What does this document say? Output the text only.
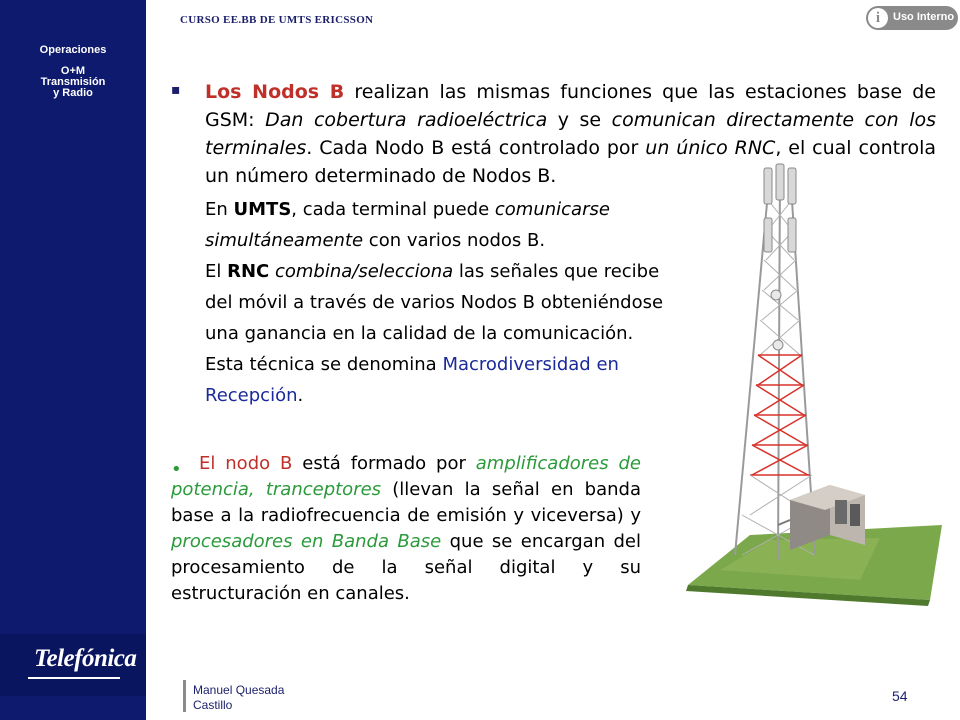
Operaciones
O+M
Transmisión
y Radio
Telefónica
CURSO EE.BB DE UMTS ERICSSON	i	Uso Interno
▪ Los Nodos B realizan las mismas funciones que las estaciones base de GSM: Dan cobertura radioeléctrica y se comunican directamente con los terminales. Cada Nodo B está controlado por un único RNC, el cual controla un número determinado de Nodos B.

En UMTS, cada terminal puede comunicarse simultáneamente con varios nodos B.
El RNC combina/selecciona las señales que recibe del móvil a través de varios Nodos B obteniéndose una ganancia en la calidad de la comunicación. Esta técnica se denomina Macrodiversidad en Recepción.

• El nodo B está formado por amplificadores de potencia, tranceptores (llevan la señal en banda base a la radiofrecuencia de emisión y viceversa) y procesadores en Banda Base que se encargan del procesamiento de la señal digital y su estructuración en canales.

Manuel Quesada
Castillo
54
